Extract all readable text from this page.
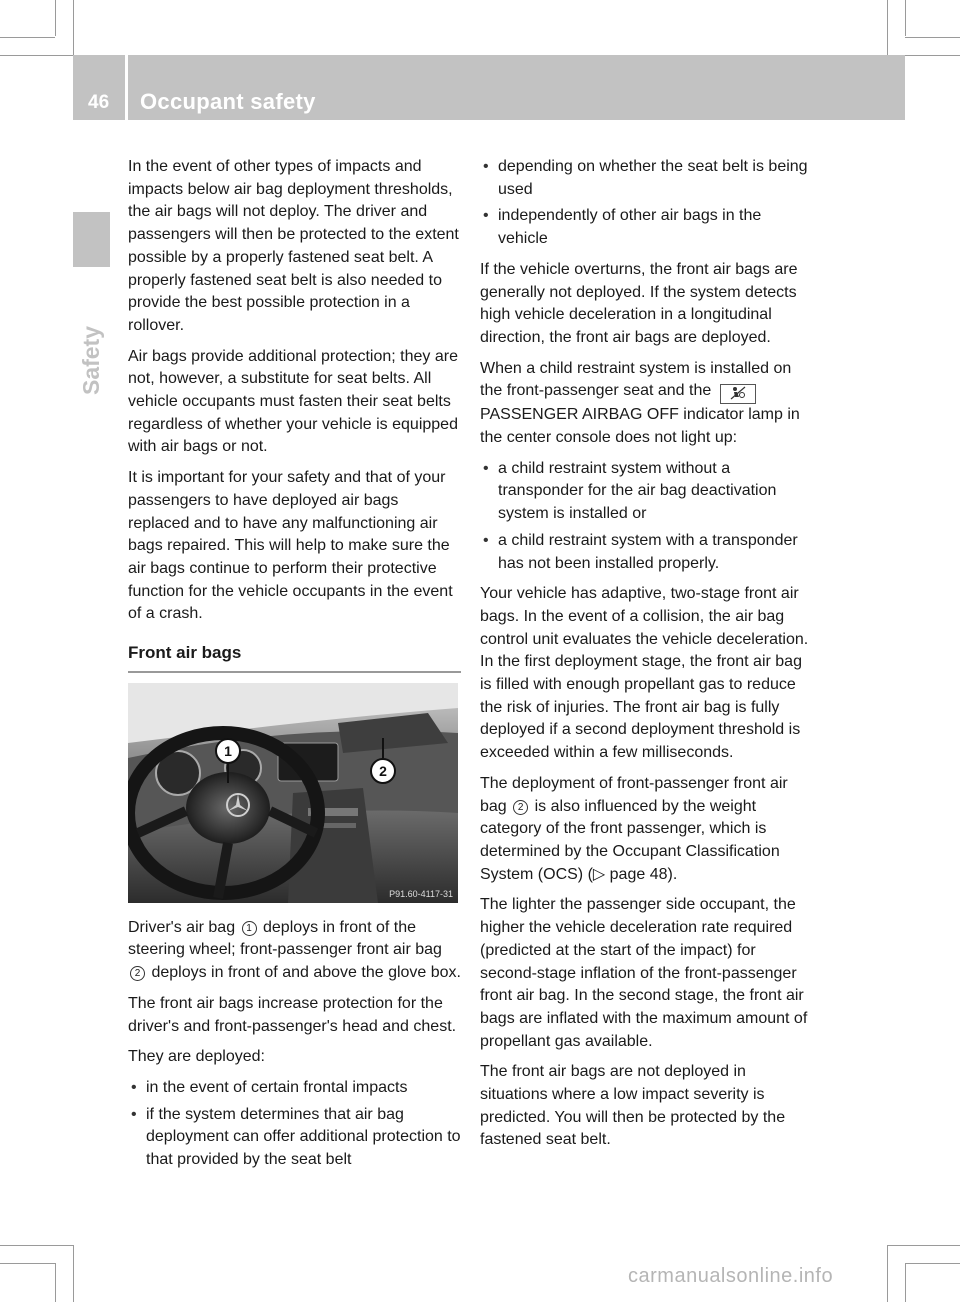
46 Occupant safety
Safety

In the event of other types of impacts and impacts below air bag deployment thresholds, the air bags will not deploy. The driver and passengers will then be protected to the extent possible by a properly fastened seat belt. A properly fastened seat belt is also needed to provide the best possible protection in a rollover.

Air bags provide additional protection; they are not, however, a substitute for seat belts. All vehicle occupants must fasten their seat belts regardless of whether your vehicle is equipped with air bags or not.

It is important for your safety and that of your passengers to have deployed air bags replaced and to have any malfunctioning air bags repaired. This will help to make sure the air bags continue to perform their protective function for the vehicle occupants in the event of a crash.

Front air bags
1
2
P91.60-4117-31

Driver's air bag 1 deploys in front of the steering wheel; front-passenger front air bag 2 deploys in front of and above the glove box.

The front air bags increase protection for the driver's and front-passenger's head and chest.

They are deployed:

• in the event of certain frontal impacts
• if the system determines that air bag deployment can offer additional protection to that provided by the seat belt
• depending on whether the seat belt is being used
• independently of other air bags in the vehicle

If the vehicle overturns, the front air bags are generally not deployed. If the system detects high vehicle deceleration in a longitudinal direction, the front air bags are deployed.

When a child restraint system is installed on the front-passenger seat and the
PASSENGER AIRBAG OFF indicator lamp in the center console does not light up:

• a child restraint system without a transponder for the air bag deactivation system is installed or
• a child restraint system with a transponder has not been installed properly.

Your vehicle has adaptive, two-stage front air bags. In the event of a collision, the air bag control unit evaluates the vehicle deceleration. In the first deployment stage, the front air bag is filled with enough propellant gas to reduce the risk of injuries. The front air bag is fully deployed if a second deployment threshold is exceeded within a few milliseconds.

The deployment of front-passenger front air bag 2 is also influenced by the weight category of the front passenger, which is determined by the Occupant Classification System (OCS) (▷ page 48).

The lighter the passenger side occupant, the higher the vehicle deceleration rate required (predicted at the start of the impact) for second-stage inflation of the front-passenger front air bag. In the second stage, the front air bags are inflated with the maximum amount of propellant gas available.

The front air bags are not deployed in situations where a low impact severity is predicted. You will then be protected by the fastened seat belt.

carmanualsonline.info
